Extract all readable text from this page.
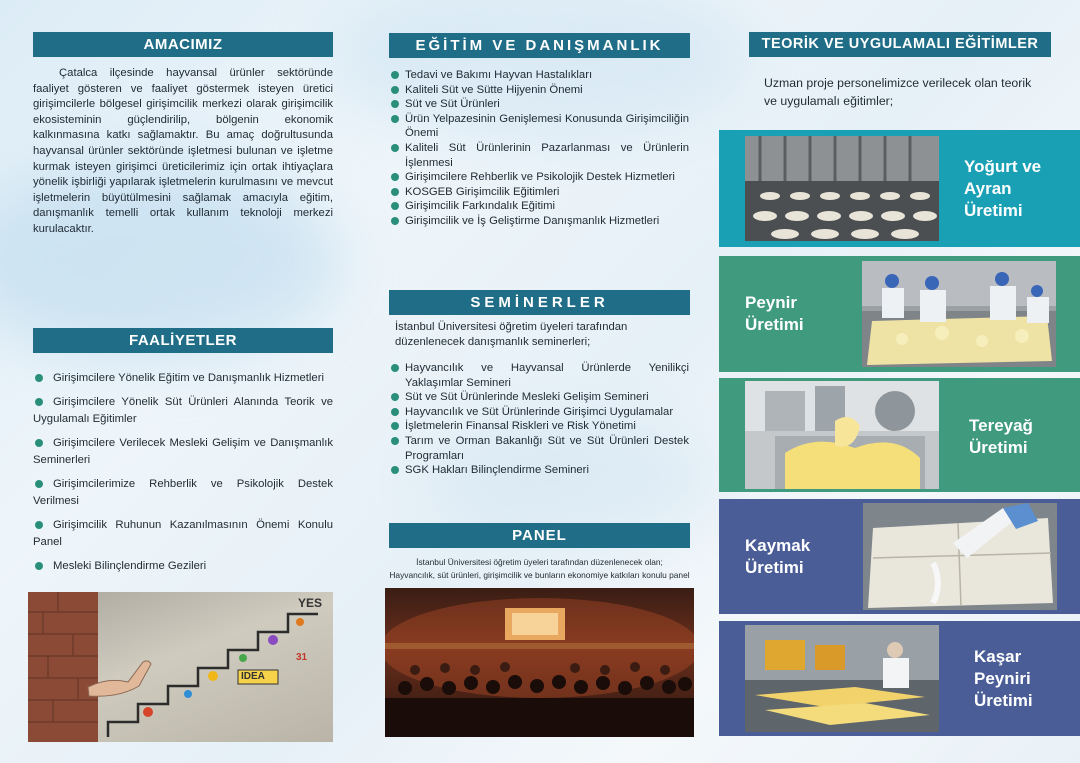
AMACIMIZ
Çatalca ilçesinde hayvansal ürünler sektöründe faaliyet gösteren ve faaliyet göstermek isteyen üretici girişimcilerle bölgesel girişimcilik merkezi olarak girişimcilik ekosisteminin güçlendirilip, bölgenin ekonomik kalkınmasına katkı sağlamaktır. Bu amaç doğrultusunda hayvansal ürünler sektöründe işletmesi bulunan ve işletme kurmak isteyen girişimci üreticilerimiz için ortak ihtiyaçlara yönelik işbirliği yapılarak işletmelerin kurulmasını ve mevcut işletmelerin büyütülmesini sağlamak amacıyla eğitim, danışmanlık temelli ortak kullanım teknoloji merkezi kurulacaktır.
FAALİYETLER
Girişimcilere Yönelik Eğitim ve Danışmanlık Hizmetleri
Girişimcilere Yönelik Süt Ürünleri Alanında Teorik ve Uygulamalı Eğitimler
Girişimcilere Verilecek Mesleki Gelişim ve Danışmanlık Seminerleri
Girişimcilerimize Rehberlik ve Psikolojik Destek Verilmesi
Girişimcilik Ruhunun Kazanılmasının Önemi Konulu Panel
Mesleki Bilinçlendirme Gezileri
YES
IDEA
31
EĞİTİM VE DANIŞMANLIK
Tedavi ve Bakımı Hayvan Hastalıkları
Kaliteli Süt ve Sütte Hijyenin Önemi
Süt ve Süt Ürünleri
Ürün Yelpazesinin Genişlemesi Konusunda Girişimciliğin Önemi
Kaliteli Süt Ürünlerinin Pazarlanması ve Ürünlerin İşlenmesi
Girişimcilere Rehberlik ve Psikolojik Destek Hizmetleri
KOSGEB Girişimcilik Eğitimleri
Girişimcilik Farkındalık Eğitimi
Girişimcilik ve İş Geliştirme Danışmanlık Hizmetleri
SEMİNERLER
İstanbul Üniversitesi öğretim üyeleri tarafından düzenlenecek danışmanlık seminerleri;
Hayvancılık ve Hayvansal Ürünlerde Yenilikçi Yaklaşımlar Semineri
Süt ve Süt Ürünlerinde Mesleki Gelişim Semineri
Hayvancılık ve Süt Ürünlerinde Girişimci Uygulamalar
İşletmelerin Finansal Riskleri ve Risk Yönetimi
Tarım ve Orman Bakanlığı Süt ve Süt Ürünleri Destek Programları
SGK Hakları Bilinçlendirme Semineri
PANEL
İstanbul Üniversitesi öğretim üyeleri tarafından düzenlenecek olan;
Hayvancılık, süt ürünleri, girişimcilik ve bunların ekonomiye katkıları konulu panel
TEORİK VE UYGULAMALI EĞİTİMLER
Uzman proje personelimizce verilecek olan teorik ve uygulamalı eğitimler;
Yoğurt ve Ayran Üretimi
Peynir Üretimi
Tereyağ Üretimi
Kaymak Üretimi
Kaşar Peyniri Üretimi
